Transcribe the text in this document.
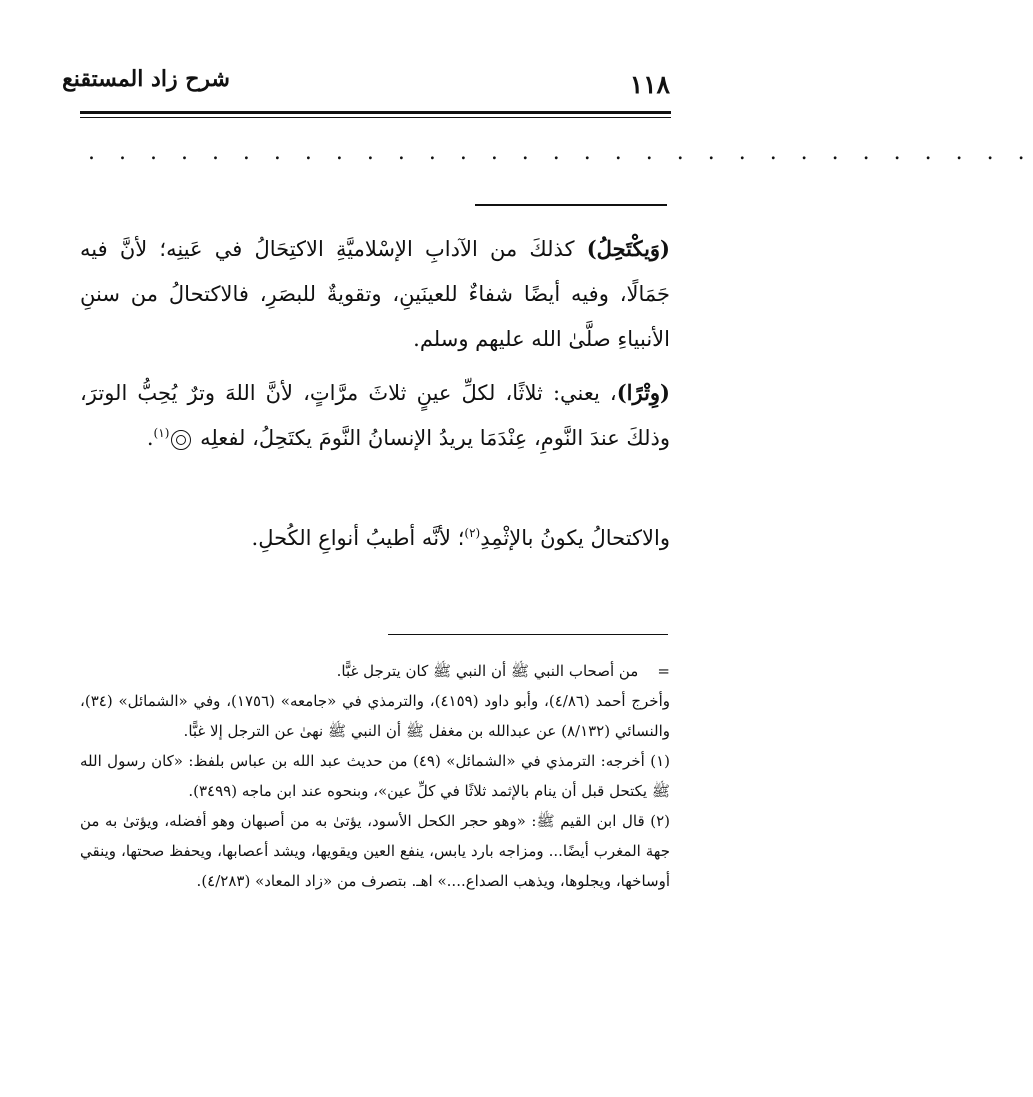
١١٨
شرح زاد المستقنع
. . . . . . . . . . . . . . . . . . . . . . . . . . . . . . .

(وَيكْتَحِلُ) كذلكَ من الآدابِ الإسْلاميَّةِ الاكتِحَالُ في عَينِه؛ لأنَّ فيه جَمَالًا، وفيه أيضًا شفاءٌ للعينَينِ، وتقويةٌ للبصَرِ، فالاكتحالُ من سننِ الأنبياءِ صلَّىٰ الله عليهم وسلم.

(وِتْرًا)، يعني: ثلاثًا، لكلِّ عينٍ ثلاثَ مرَّاتٍ، لأنَّ اللهَ وترٌ يُحِبُّ الوترَ، وذلكَ عندَ النَّومِ، عِنْدَمَا يريدُ الإنسانُ النَّومَ يكتَحِلُ، لفعلِه $^{(١)}$.

والاكتحالُ يكونُ بالإثْمِدِ$^{(٢)}$؛ لأنَّه أطيبُ أنواعِ الكُحلِ.

=    من أصحاب النبي ﷺ أن النبي ﷺ كان يترجل غبًّا.

وأخرج أحمد (٤/٨٦)، وأبو داود (٤١٥٩)، والترمذي في «جامعه» (١٧٥٦)، وفي «الشمائل» (٣٤)، والنسائي (٨/١٣٢) عن عبدالله بن مغفل ﷺ أن النبي ﷺ نهىٰ عن الترجل إلا غبًّا.

(١) أخرجه: الترمذي في «الشمائل» (٤٩) من حديث عبد الله بن عباس بلفظ: «كان رسول الله ﷺ يكتحل قبل أن ينام بالإثمد ثلاثًا في كلِّ عين»، وبنحوه عند ابن ماجه (٣٤٩٩).

(٢) قال ابن القيم ﷺ: «وهو حجر الكحل الأسود، يؤتىٰ به من أصبهان وهو أفضله، ويؤتىٰ به من جهة المغرب أيضًا... ومزاجه بارد يابس، ينفع العين ويقويها، ويشد أعصابها، ويحفظ صحتها، وينقي أوساخها، ويجلوها، ويذهب الصداع....» اهـ. بتصرف من «زاد المعاد» (٤/٢٨٣).
